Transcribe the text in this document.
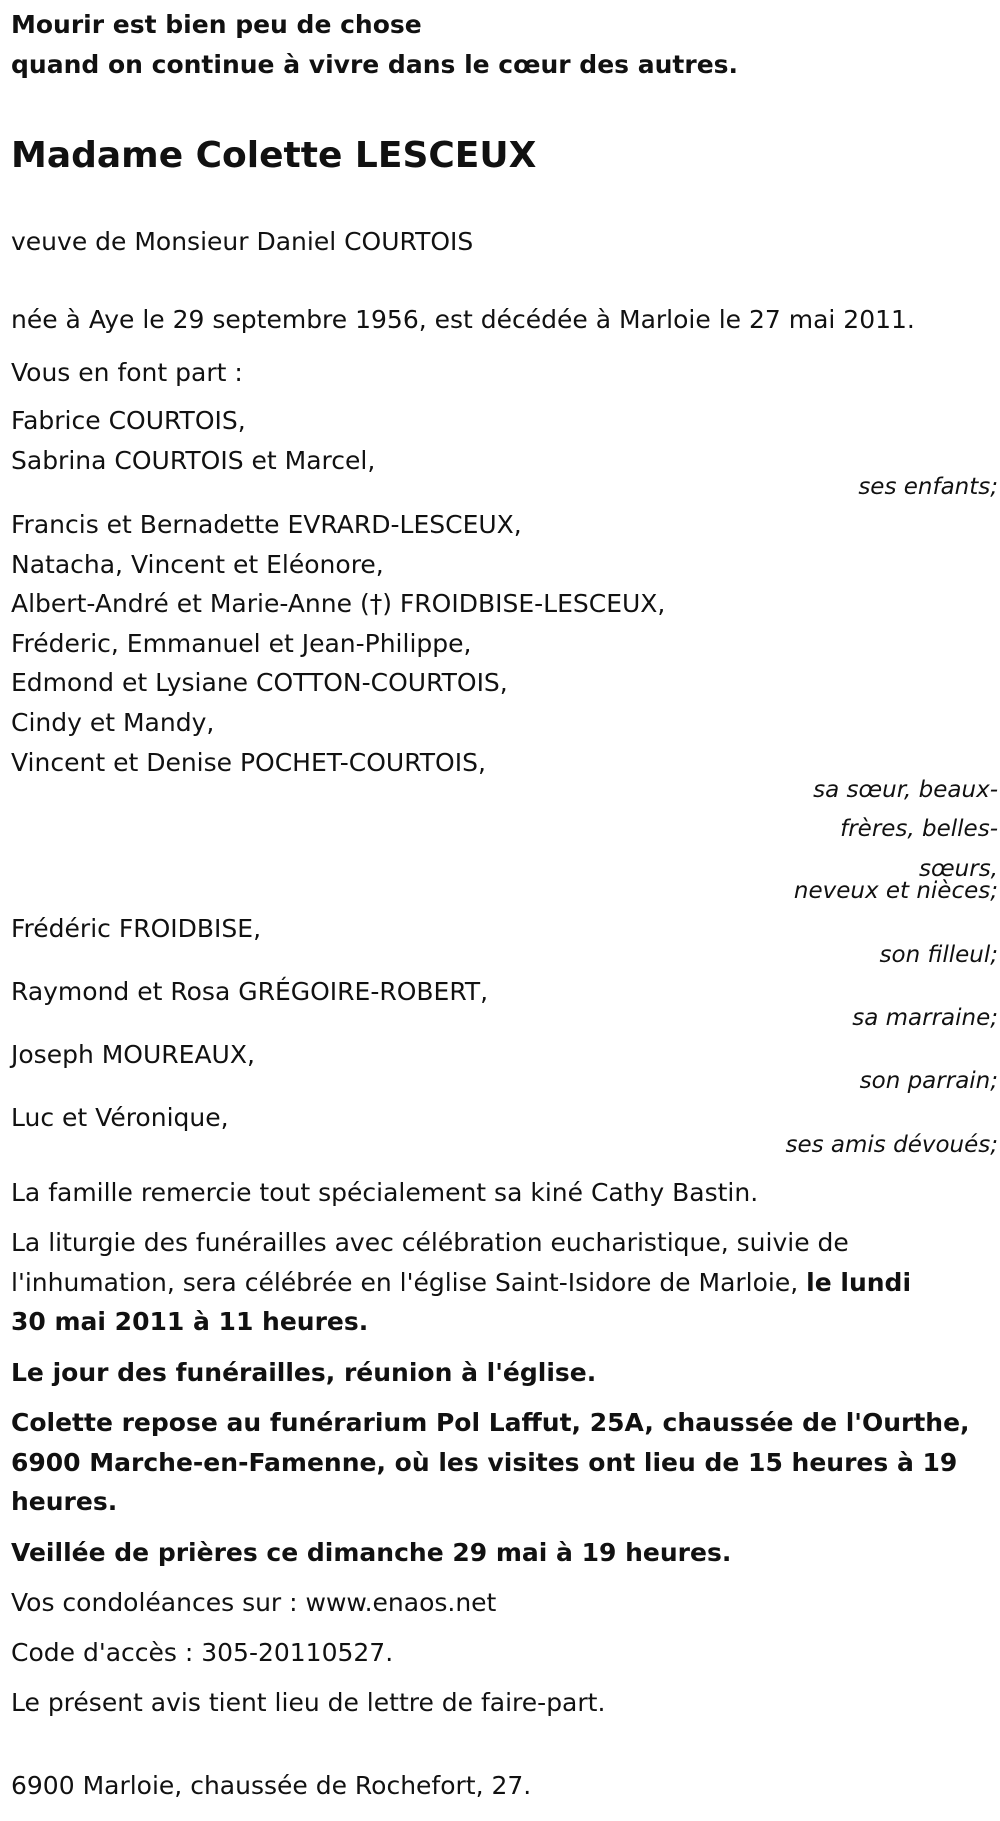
Mourir est bien peu de chose
quand on continue à vivre dans le cœur des autres.
Madame Colette LESCEUX
veuve de Monsieur Daniel COURTOIS
née à Aye le 29 septembre 1956, est décédée à Marloie le 27 mai 2011.
Vous en font part :
Fabrice COURTOIS,
Sabrina COURTOIS et Marcel,
ses enfants;
Francis et Bernadette EVRARD-LESCEUX,
Natacha, Vincent et Eléonore,
Albert-André et Marie-Anne (†) FROIDBISE-LESCEUX,
Fréderic, Emmanuel et Jean-Philippe,
Edmond et Lysiane COTTON-COURTOIS,
Cindy et Mandy,
Vincent et Denise POCHET-COURTOIS,
sa sœur, beaux-
frères, belles-
sœurs,
neveux et nièces;
Frédéric FROIDBISE,
son filleul;
Raymond et Rosa GRÉGOIRE-ROBERT,
sa marraine;
Joseph MOUREAUX,
son parrain;
Luc et Véronique,
ses amis dévoués;
La famille remercie tout spécialement sa kiné Cathy Bastin.
La liturgie des funérailles avec célébration eucharistique, suivie de
l'inhumation, sera célébrée en l'église Saint-Isidore de Marloie, le lundi
30 mai 2011 à 11 heures.
Le jour des funérailles, réunion à l'église.
Colette repose au funérarium Pol Laffut, 25A, chaussée de l'Ourthe,
6900 Marche-en-Famenne, où les visites ont lieu de 15 heures à 19
heures.
Veillée de prières ce dimanche 29 mai à 19 heures.
Vos condoléances sur : www.enaos.net
Code d'accès : 305-20110527.
Le présent avis tient lieu de lettre de faire-part.
6900 Marloie, chaussée de Rochefort, 27.
